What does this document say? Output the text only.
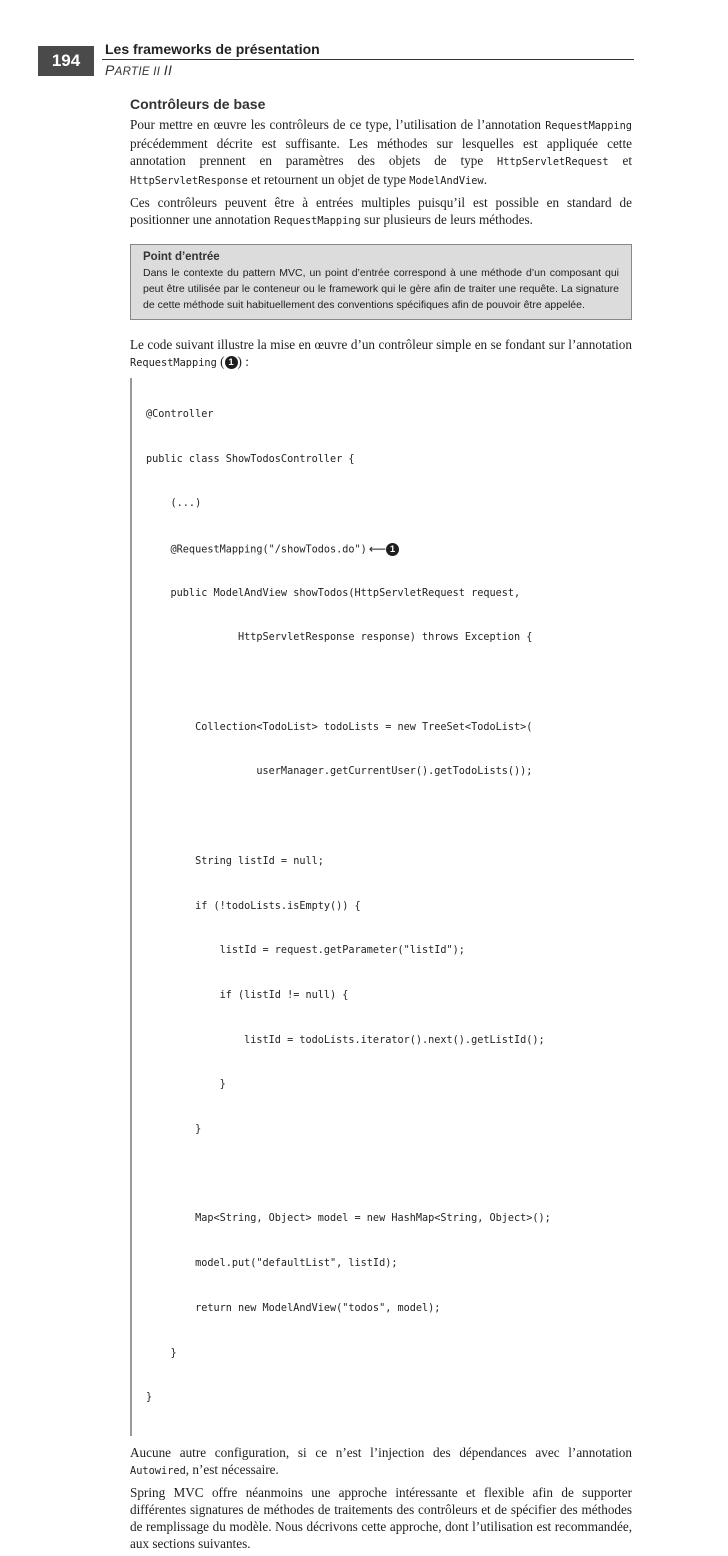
194
Les frameworks de présentation
PARTIE II II
Contrôleurs de base

Pour mettre en œuvre les contrôleurs de ce type, l’utilisation de l’annotation RequestMapping précédemment décrite est suffisante. Les méthodes sur lesquelles est appliquée cette annotation prennent en paramètres des objets de type HttpServletRequest et HttpServletResponse et retournent un objet de type ModelAndView.

Ces contrôleurs peuvent être à entrées multiples puisqu’il est possible en standard de positionner une annotation RequestMapping sur plusieurs de leurs méthodes.

Point d’entrée
Dans le contexte du pattern MVC, un point d’entrée correspond à une méthode d’un composant qui peut être utilisée par le conteneur ou le framework qui le gère afin de traiter une requête. La signature de cette méthode suit habituellement des conventions spécifiques afin de pouvoir être appelée.

Le code suivant illustre la mise en œuvre d’un contrôleur simple en se fondant sur l’annotation RequestMapping ( 1 ) :

@Controller

public class ShowTodosController {

(...)

@RequestMapping("/showTodos.do") ⟵ 1

public ModelAndView showTodos(HttpServletRequest request,

HttpServletResponse response) throws Exception {

Collection<TodoList> todoLists = new TreeSet<TodoList>(

userManager.getCurrentUser().getTodoLists());

String listId = null;

if (!todoLists.isEmpty()) {

listId = request.getParameter("listId");

if (listId != null) {

listId = todoLists.iterator().next().getListId();

}

}

Map<String, Object> model = new HashMap<String, Object>();

model.put("defaultList", listId);

return new ModelAndView("todos", model);

}

}

Aucune autre configuration, si ce n’est l’injection des dépendances avec l’annotation Autowired, n’est nécessaire.

Spring MVC offre néanmoins une approche intéressante et flexible afin de supporter différentes signatures de méthodes de traitements des contrôleurs et de spécifier des méthodes de remplissage du modèle. Nous décrivons cette approche, dont l’utilisation est recommandée, aux sections suivantes.
